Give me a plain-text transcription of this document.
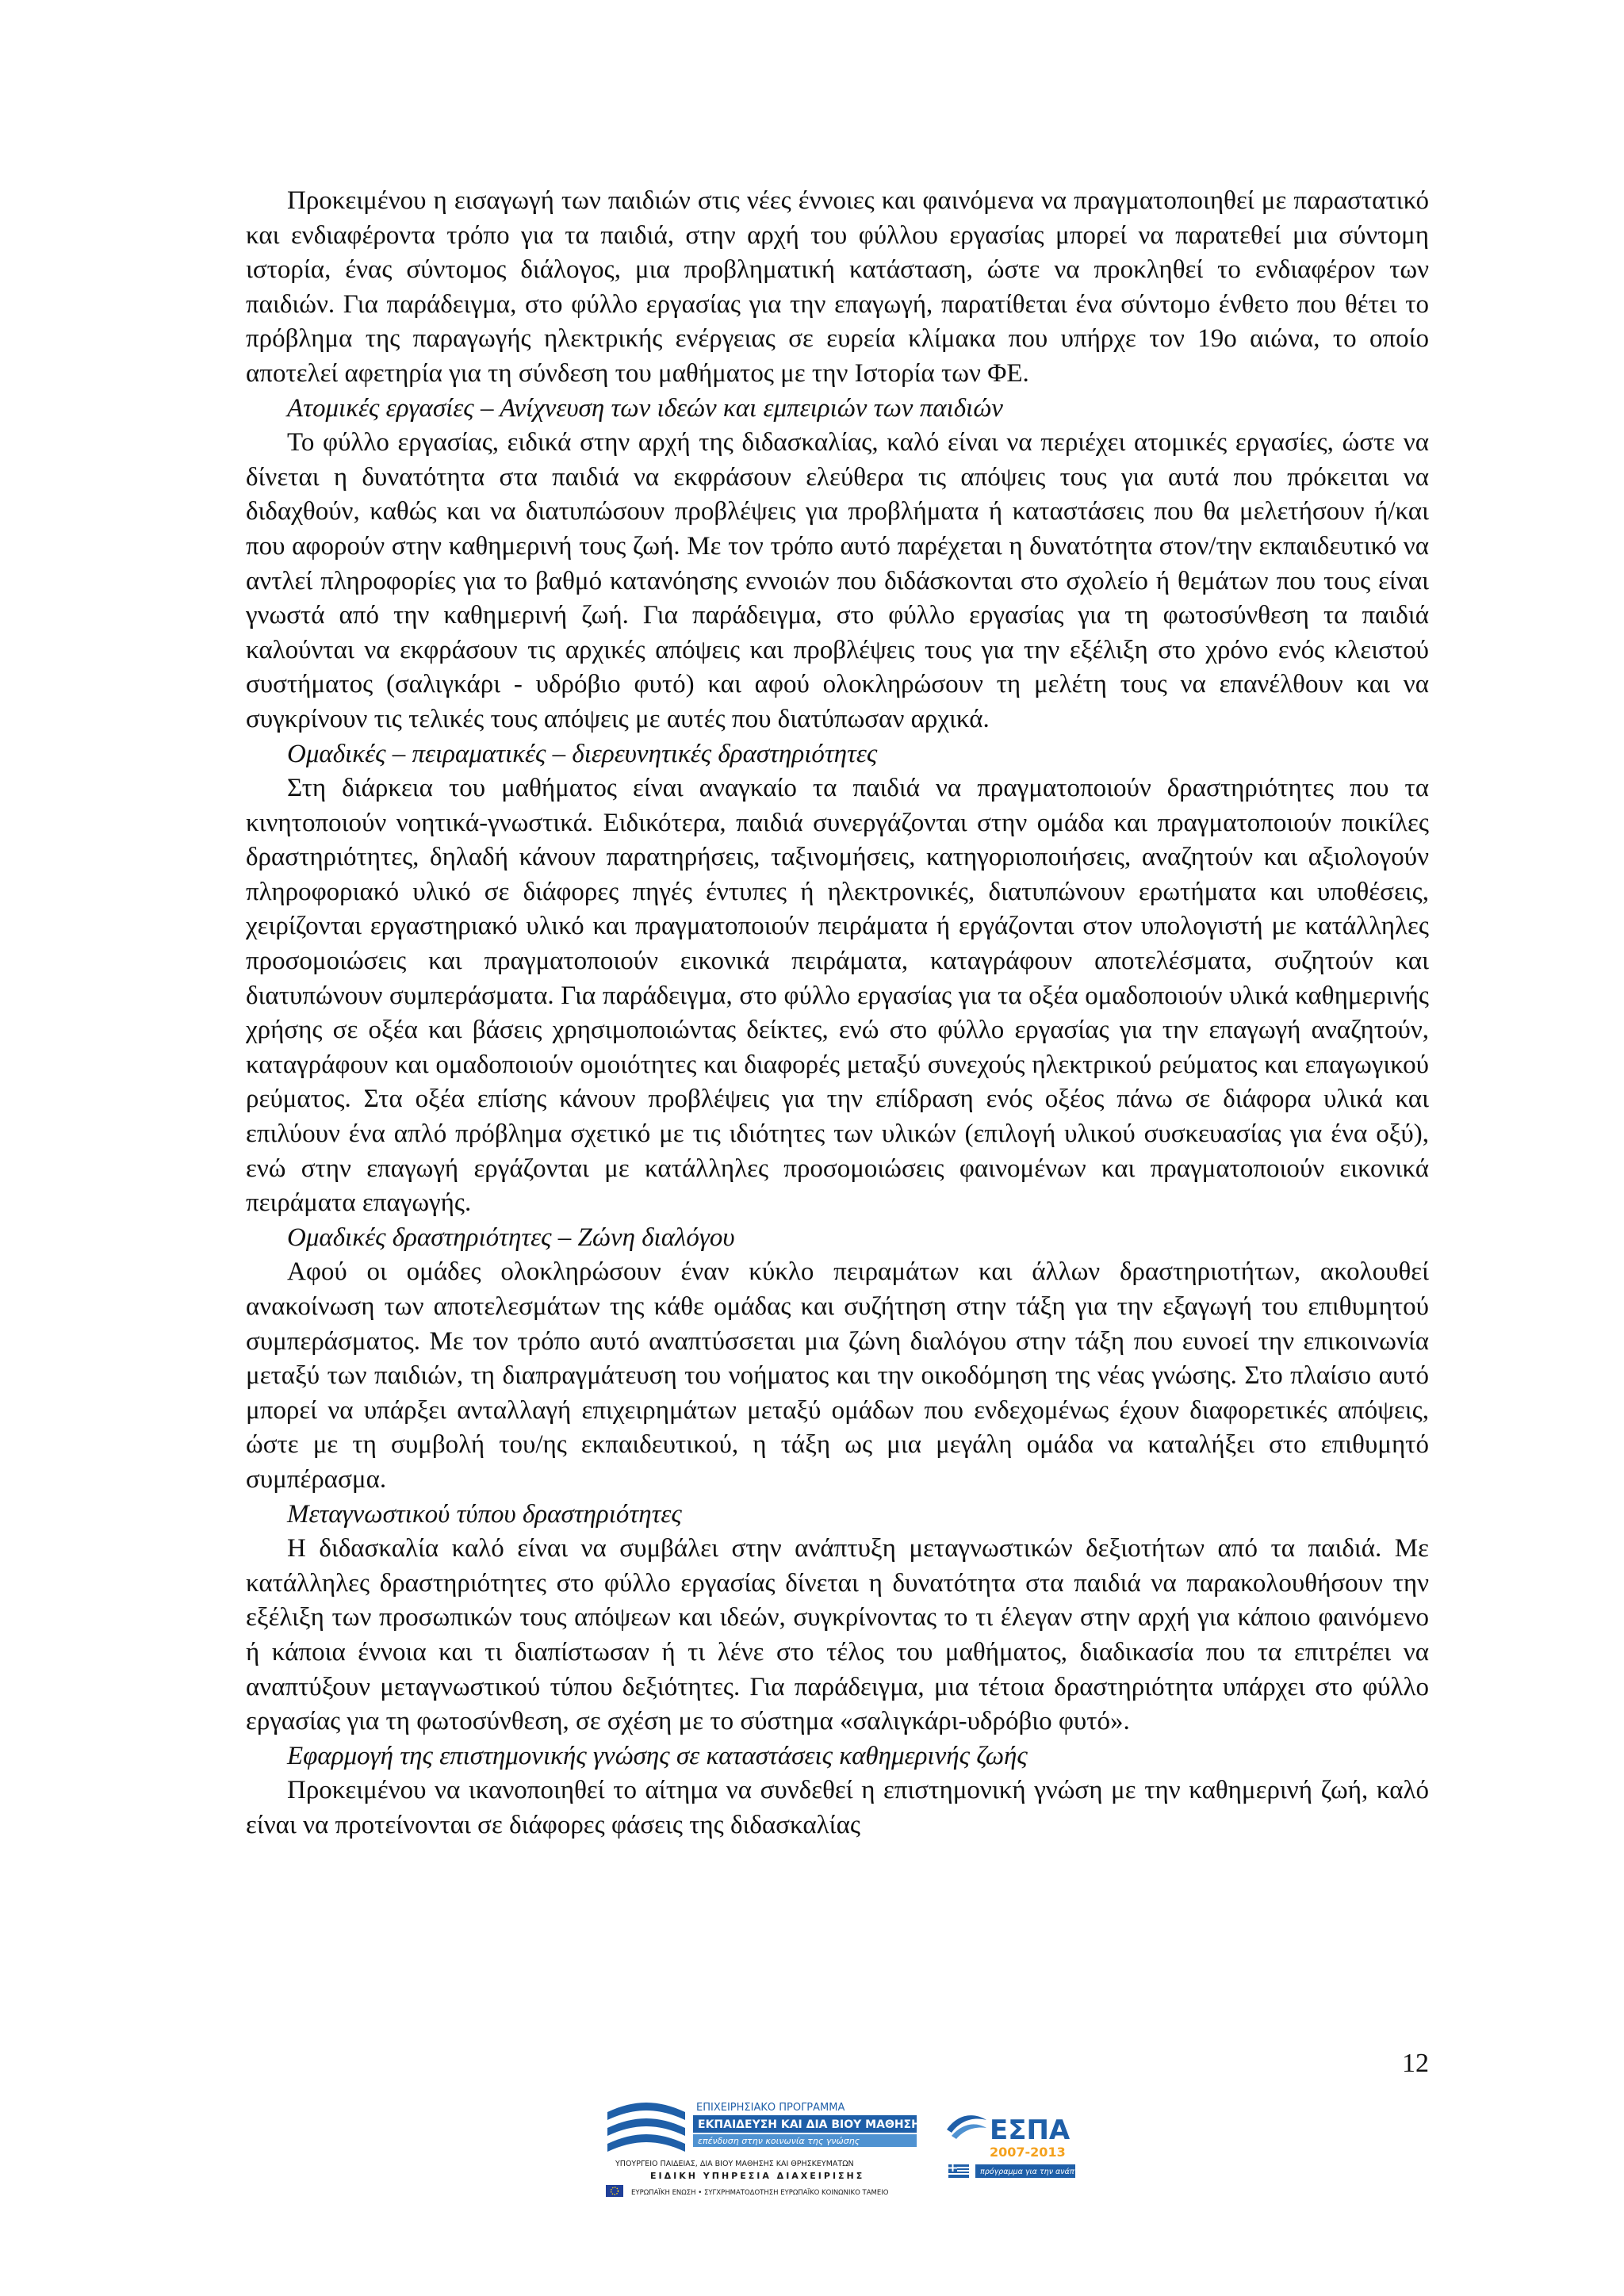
Προκειμένου η εισαγωγή των παιδιών στις νέες έννοιες και φαινόμενα να πραγματοποιηθεί με παραστατικό και ενδιαφέροντα τρόπο για τα παιδιά, στην αρχή του φύλλου εργασίας μπορεί να παρατεθεί μια σύντομη ιστορία, ένας σύντομος διάλογος, μια προβληματική κατάσταση, ώστε να προκληθεί το ενδιαφέρον των παιδιών. Για παράδειγμα, στο φύλλο εργασίας για την επαγωγή, παρατίθεται ένα σύντομο ένθετο που θέτει το πρόβλημα της παραγωγής ηλεκτρικής ενέργειας σε ευρεία κλίμακα που υπήρχε τον 19ο αιώνα, το οποίο αποτελεί αφετηρία για τη σύνδεση του μαθήματος με την Ιστορία των ΦΕ.

Ατομικές εργασίες – Ανίχνευση των ιδεών και εμπειριών των παιδιών

Το φύλλο εργασίας, ειδικά στην αρχή της διδασκαλίας, καλό είναι να περιέχει ατομικές εργασίες, ώστε να δίνεται η δυνατότητα στα παιδιά να εκφράσουν ελεύθερα τις απόψεις τους για αυτά που πρόκειται να διδαχθούν, καθώς και να διατυπώσουν προβλέψεις για προβλήματα ή καταστάσεις που θα μελετήσουν ή/και που αφορούν στην καθημερινή τους ζωή. Με τον τρόπο αυτό παρέχεται η δυνατότητα στον/την εκπαιδευτικό να αντλεί πληροφορίες για το βαθμό κατανόησης εννοιών που διδάσκονται στο σχολείο ή θεμάτων που τους είναι γνωστά από την καθημερινή ζωή. Για παράδειγμα, στο φύλλο εργασίας για τη φωτοσύνθεση τα παιδιά καλούνται να εκφράσουν τις αρχικές απόψεις και προβλέψεις τους για την εξέλιξη στο χρόνο ενός κλειστού συστήματος (σαλιγκάρι - υδρόβιο φυτό) και αφού ολοκληρώσουν τη μελέτη τους να επανέλθουν και να συγκρίνουν τις τελικές τους απόψεις με αυτές που διατύπωσαν αρχικά.

Ομαδικές – πειραματικές – διερευνητικές δραστηριότητες

Στη διάρκεια του μαθήματος είναι αναγκαίο τα παιδιά να πραγματοποιούν δραστηριότητες που τα κινητοποιούν νοητικά-γνωστικά. Ειδικότερα, παιδιά συνεργάζονται στην ομάδα και πραγματοποιούν ποικίλες δραστηριότητες, δηλαδή κάνουν παρατηρήσεις, ταξινομήσεις, κατηγοριοποιήσεις, αναζητούν και αξιολογούν πληροφοριακό υλικό σε διάφορες πηγές έντυπες ή ηλεκτρονικές, διατυπώνουν ερωτήματα και υποθέσεις, χειρίζονται εργαστηριακό υλικό και πραγματοποιούν πειράματα ή εργάζονται στον υπολογιστή με κατάλληλες προσομοιώσεις και πραγματοποιούν εικονικά πειράματα, καταγράφουν αποτελέσματα, συζητούν και διατυπώνουν συμπεράσματα. Για παράδειγμα, στο φύλλο εργασίας για τα οξέα ομαδοποιούν υλικά καθημερινής χρήσης σε οξέα και βάσεις χρησιμοποιώντας δείκτες, ενώ στο φύλλο εργασίας για την επαγωγή αναζητούν, καταγράφουν και ομαδοποιούν ομοιότητες και διαφορές μεταξύ συνεχούς ηλεκτρικού ρεύματος και επαγωγικού ρεύματος. Στα οξέα επίσης κάνουν προβλέψεις για την επίδραση ενός οξέος πάνω σε διάφορα υλικά και επιλύουν ένα απλό πρόβλημα σχετικό με τις ιδιότητες των υλικών (επιλογή υλικού συσκευασίας για ένα οξύ), ενώ στην επαγωγή εργάζονται με κατάλληλες προσομοιώσεις φαινομένων και πραγματοποιούν εικονικά πειράματα επαγωγής.

Ομαδικές δραστηριότητες – Ζώνη διαλόγου

Αφού οι ομάδες ολοκληρώσουν έναν κύκλο πειραμάτων και άλλων δραστηριοτήτων, ακολουθεί ανακοίνωση των αποτελεσμάτων της κάθε ομάδας και συζήτηση στην τάξη για την εξαγωγή του επιθυμητού συμπεράσματος. Με τον τρόπο αυτό αναπτύσσεται μια ζώνη διαλόγου στην τάξη που ευνοεί την επικοινωνία μεταξύ των παιδιών, τη διαπραγμάτευση του νοήματος και την οικοδόμηση της νέας γνώσης. Στο πλαίσιο αυτό μπορεί να υπάρξει ανταλλαγή επιχειρημάτων μεταξύ ομάδων που ενδεχομένως έχουν διαφορετικές απόψεις, ώστε με τη συμβολή του/ης εκπαιδευτικού, η τάξη ως μια μεγάλη ομάδα να καταλήξει στο επιθυμητό συμπέρασμα.

Μεταγνωστικού τύπου δραστηριότητες

Η διδασκαλία καλό είναι να συμβάλει στην ανάπτυξη μεταγνωστικών δεξιοτήτων από τα παιδιά. Με κατάλληλες δραστηριότητες στο φύλλο εργασίας δίνεται η δυνατότητα στα παιδιά να παρακολουθήσουν την εξέλιξη των προσωπικών τους απόψεων και ιδεών, συγκρίνοντας το τι έλεγαν στην αρχή για κάποιο φαινόμενο ή κάποια έννοια και τι διαπίστωσαν ή τι λένε στο τέλος του μαθήματος, διαδικασία που τα επιτρέπει να αναπτύξουν μεταγνωστικού τύπου δεξιότητες. Για παράδειγμα, μια τέτοια δραστηριότητα υπάρχει στο φύλλο εργασίας για τη φωτοσύνθεση, σε σχέση με το σύστημα «σαλιγκάρι-υδρόβιο φυτό».

Εφαρμογή της επιστημονικής γνώσης σε καταστάσεις καθημερινής ζωής

Προκειμένου να ικανοποιηθεί το αίτημα να συνδεθεί η επιστημονική γνώση με την καθημερινή ζωή, καλό είναι να προτείνονται σε διάφορες φάσεις της διδασκαλίας

12
ΕΠΙΧΕΙΡΗΣΙΑΚΟ ΠΡΟΓΡΑΜΜΑ
ΕΚΠΑΙΔΕΥΣΗ ΚΑΙ ΔΙΑ ΒΙΟΥ ΜΑΘΗΣΗ
επένδυση στην κοινωνία της γνώσης
ΥΠΟΥΡΓΕΙΟ ΠΑΙΔΕΙΑΣ, ΔΙΑ ΒΙΟΥ ΜΑΘΗΣΗΣ ΚΑΙ ΘΡΗΣΚΕΥΜΑΤΩΝ
ΕΙΔΙΚΗ ΥΠΗΡΕΣΙΑ ΔΙΑΧΕΙΡΙΣΗΣ
ΕΥΡΩΠΑΪΚΗ ΕΝΩΣΗ • ΣΥΓΧΡΗΜΑΤΟΔΟΤΗΣΗ ΕΥΡΩΠΑΪΚΟ ΚΟΙΝΩΝΙΚΟ ΤΑΜΕΙΟ
ΕΣΠΑ
2007-2013
πρόγραμμα για την ανάπτυξη
